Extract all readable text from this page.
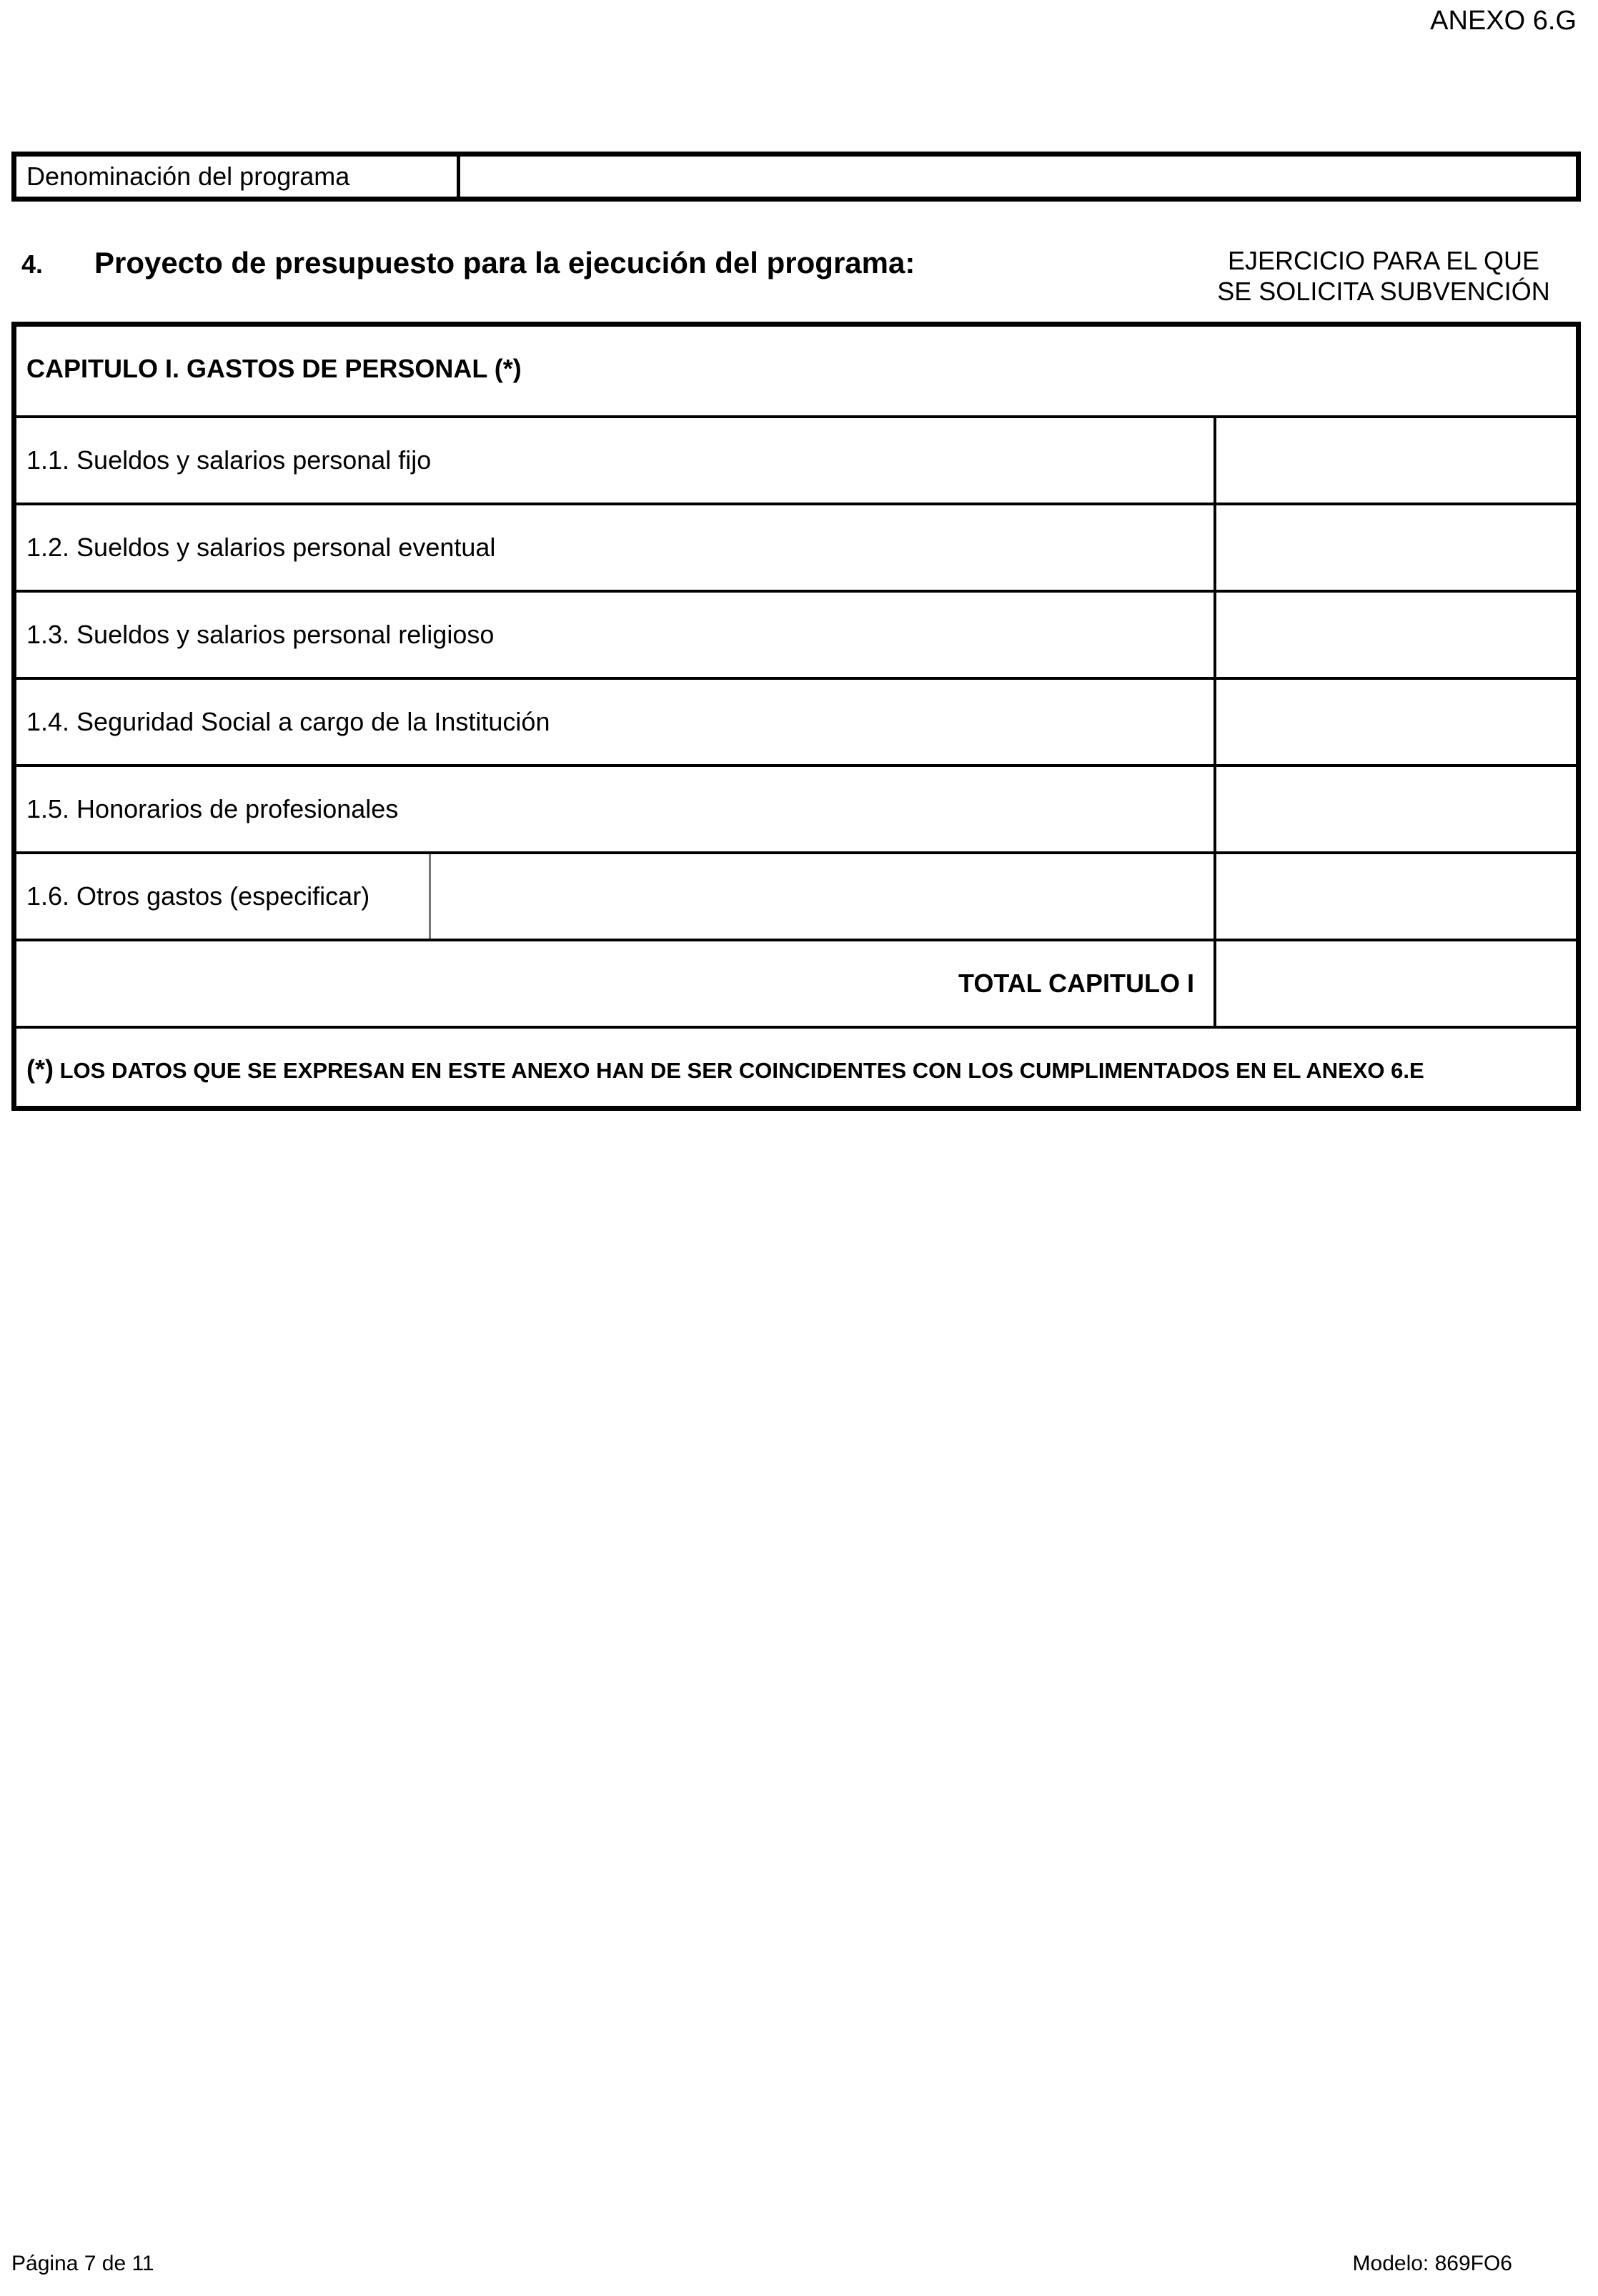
ANEXO 6.G
Denominación del programa
4.	Proyecto de presupuesto para la ejecución del programa:	EJERCICIO PARA EL QUE
SE SOLICITA SUBVENCIÓN
CAPITULO I. GASTOS DE PERSONAL (*)
1.1. Sueldos y salarios personal fijo
1.2. Sueldos y salarios personal eventual
1.3. Sueldos y salarios personal religioso
1.4. Seguridad Social a cargo de la Institución
1.5. Honorarios de profesionales
1.6. Otros gastos (especificar)
TOTAL CAPITULO I
(*) LOS DATOS QUE SE EXPRESAN EN ESTE ANEXO HAN DE SER COINCIDENTES CON LOS CUMPLIMENTADOS EN EL ANEXO 6.E
Página 7 de 11	Modelo: 869FO6
